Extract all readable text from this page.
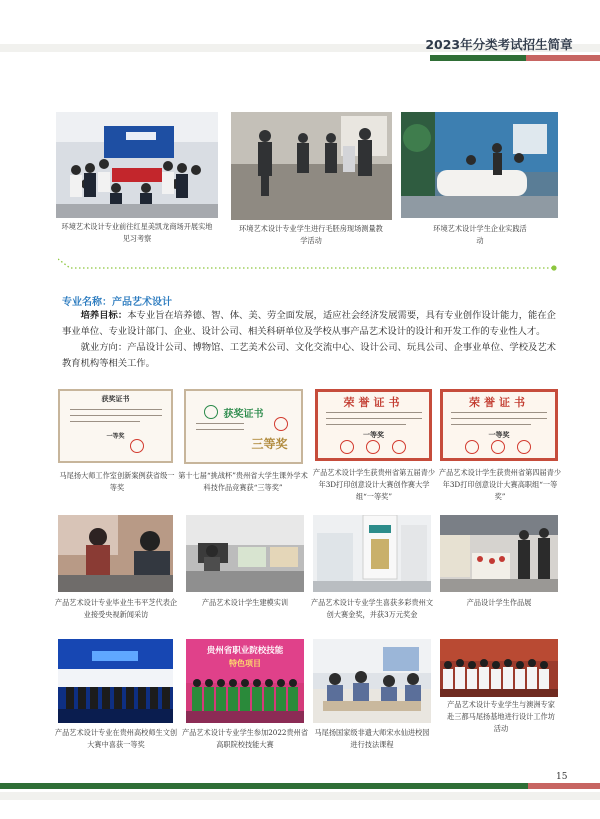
2023年分类考试招生简章
环境艺术设计专业前往红星美凯龙商场开展实地见习考察
环境艺术设计专业学生进行毛胚房现场测量教学活动
环境艺术设计学生企业实践活动
专业名称：产品艺术设计
培养目标：本专业旨在培养德、智、体、美、劳全面发展，适应社会经济发展需要，具有专业创作设计能力，能在企事业单位、专业设计部门、企业、设计公司、相关科研单位及学校从事产品艺术设计的设计和开发工作的专业性人才。
就业方向：产品设计公司、博物馆、工艺美术公司、文化交流中心、设计公司、玩具公司、企事业单位、学校及艺术教育机构等相关工作。
获奖证书
一等奖
马尾扬大师工作室创新案例获省级一等奖
获奖证书
三等奖
第十七届“挑战杯”贵州省大学生课外学术科技作品竞赛获“三等奖”
荣誉证书
一等奖
产品艺术设计学生获贵州省第五届青少年3D打印创意设计大赛创作赛大学组“一等奖”
荣誉证书
一等奖
产品艺术设计学生获贵州省第四届青少年3D打印创意设计大赛高职组“一等奖”
产品艺术设计专业毕业生韦平芝代表企业接受央视新闻采访
产品艺术设计学生建模实训	产品艺术设计专业学生喜获多彩贵州文创大赛金奖，并获3万元奖金
产品设计学生作品展
产品艺术设计专业在贵州高校师生文创大赛中喜获一等奖
贵州省职业院校技能
特色项目
产品艺术设计专业学生参加2022贵州省高职院校技能大赛
马尾扬国家级非遗大师宋水仙进校园进行技法课程
产品艺术设计专业学生与澳洲专家赴三都马尾扬基地进行设计工作坊活动
15
